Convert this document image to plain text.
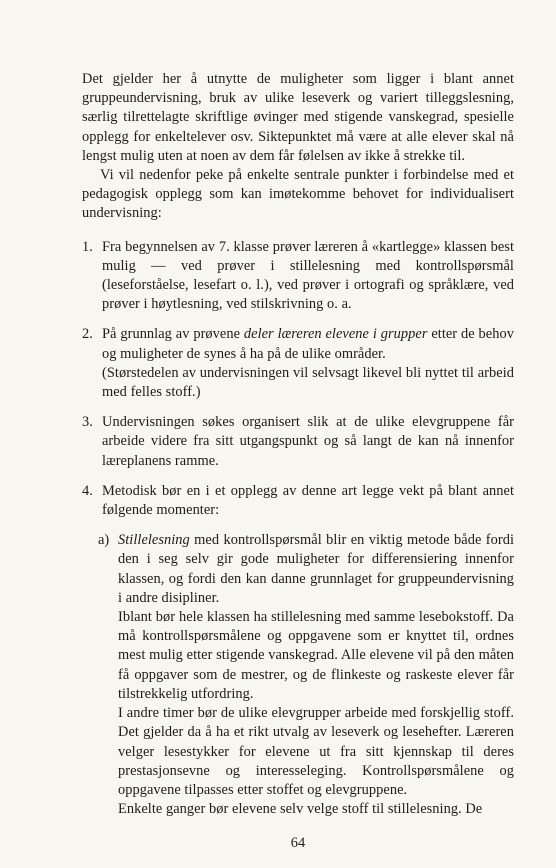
Det gjelder her å utnytte de muligheter som ligger i blant annet gruppeundervisning, bruk av ulike leseverk og variert tilleggslesning, særlig tilrettelagte skriftlige øvinger med stigende vanskegrad, spesielle opplegg for enkeltelever osv. Siktepunktet må være at alle elever skal nå lengst mulig uten at noen av dem får følelsen av ikke å strekke til.

Vi vil nedenfor peke på enkelte sentrale punkter i forbindelse med et pedagogisk opplegg som kan imøtekomme behovet for individualisert undervisning:

1. Fra begynnelsen av 7. klasse prøver læreren å «kartlegge» klassen best mulig — ved prøver i stillelesning med kontrollspørsmål (leseforståelse, lesefart o. l.), ved prøver i ortografi og språklære, ved prøver i høytlesning, ved stilskrivning o. a.

2. På grunnlag av prøvene deler læreren elevene i grupper etter de behov og muligheter de synes å ha på de ulike områder.

(Størstedelen av undervisningen vil selvsagt likevel bli nyttet til arbeid med felles stoff.)

3. Undervisningen søkes organisert slik at de ulike elevgruppene får arbeide videre fra sitt utgangspunkt og så langt de kan nå innenfor læreplanens ramme.

4. Metodisk bør en i et opplegg av denne art legge vekt på blant annet følgende momenter:

a) Stillelesning med kontrollspørsmål blir en viktig metode både fordi den i seg selv gir gode muligheter for differensiering innenfor klassen, og fordi den kan danne grunnlaget for gruppeundervisning i andre disipliner.

Iblant bør hele klassen ha stillelesning med samme lesebokstoff. Da må kontrollspørsmålene og oppgavene som er knyttet til, ordnes mest mulig etter stigende vanskegrad. Alle elevene vil på den måten få oppgaver som de mestrer, og de flinkeste og raskeste elever får tilstrekkelig utfordring.

I andre timer bør de ulike elevgrupper arbeide med forskjellig stoff. Det gjelder da å ha et rikt utvalg av leseverk og lesehefter. Læreren velger lesestykker for elevene ut fra sitt kjennskap til deres prestasjonsevne og interesseleging. Kontrollspørsmålene og oppgavene tilpasses etter stoffet og elevgruppene.

Enkelte ganger bør elevene selv velge stoff til stillelesning. De

64
